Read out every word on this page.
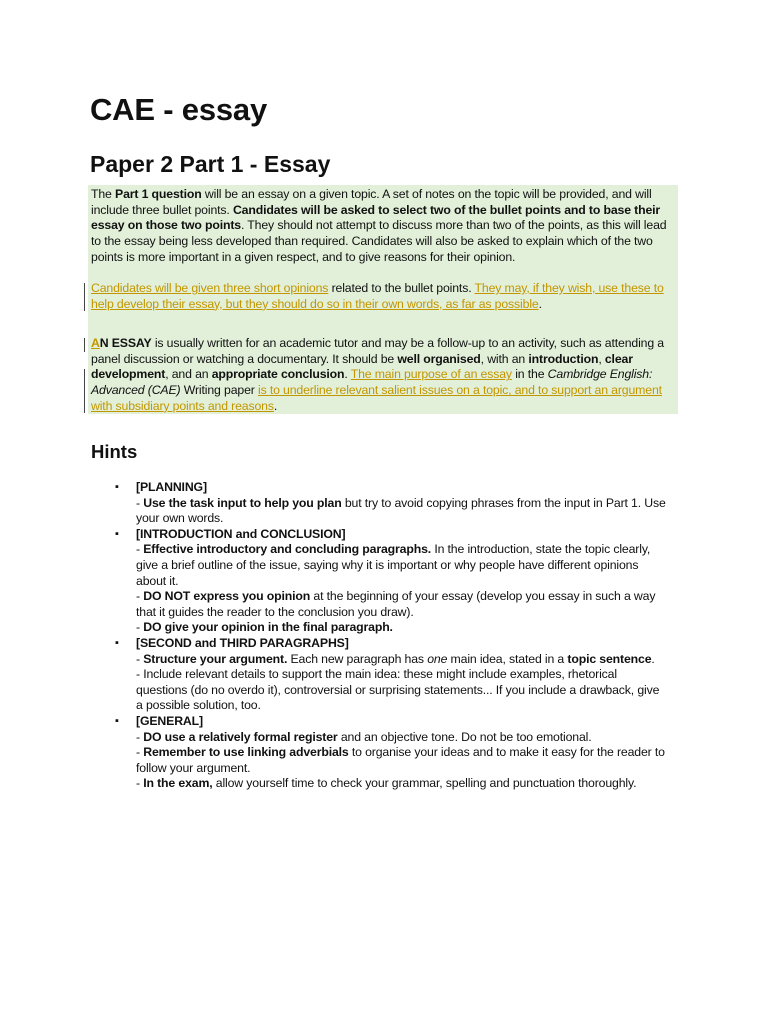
CAE - essay
Paper 2 Part 1 - Essay

The Part 1 question will be an essay on a given topic. A set of notes on the topic will be provided, and will include three bullet points. Candidates will be asked to select two of the bullet points and to base their essay on those two points. They should not attempt to discuss more than two of the points, as this will lead to the essay being less developed than required. Candidates will also be asked to explain which of the two points is more important in a given respect, and to give reasons for their opinion.

Candidates will be given three short opinions related to the bullet points. They may, if they wish, use these to help develop their essay, but they should do so in their own words, as far as possible.

AN ESSAY is usually written for an academic tutor and may be a follow-up to an activity, such as attending a panel discussion or watching a documentary. It should be well organised, with an introduction, clear development, and an appropriate conclusion. The main purpose of an essay in the Cambridge English: Advanced (CAE) Writing paper is to underline relevant salient issues on a topic, and to support an argument with subsidiary points and reasons.

Hints
▪ [PLANNING]
- Use the task input to help you plan but try to avoid copying phrases from the input in Part 1. Use your own words.
▪ [INTRODUCTION and CONCLUSION]
- Effective introductory and concluding paragraphs. In the introduction, state the topic clearly, give a brief outline of the issue, saying why it is important or why people have different opinions about it.
- DO NOT express you opinion at the beginning of your essay (develop you essay in such a way that it guides the reader to the conclusion you draw).
- DO give your opinion in the final paragraph.
▪ [SECOND and THIRD PARAGRAPHS]
- Structure your argument. Each new paragraph has one main idea, stated in a topic sentence.
- Include relevant details to support the main idea: these might include examples, rhetorical questions (do no overdo it), controversial or surprising statements... If you include a drawback, give a possible solution, too.
▪ [GENERAL]
- DO use a relatively formal register and an objective tone. Do not be too emotional.
- Remember to use linking adverbials to organise your ideas and to make it easy for the reader to follow your argument.
- In the exam, allow yourself time to check your grammar, spelling and punctuation thoroughly.
